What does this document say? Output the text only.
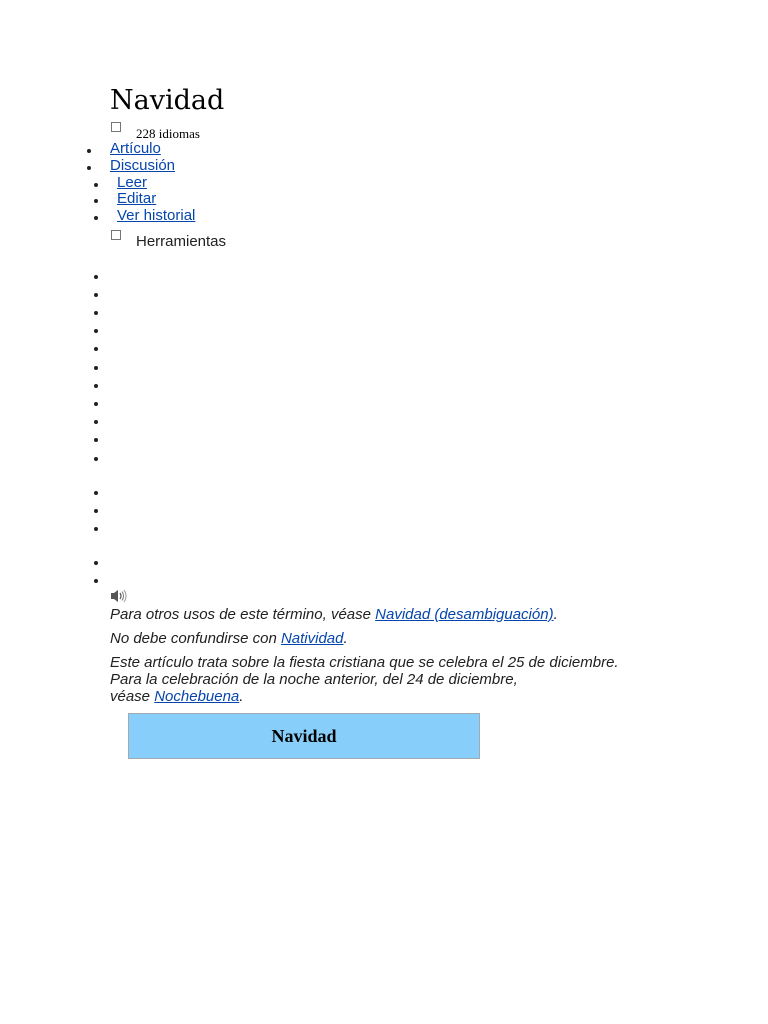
Navidad
228 idiomas
Artículo
Discusión
Leer
Editar
Ver historial
Herramientas
Para otros usos de este término, véase Navidad (desambiguación).
No debe confundirse con Natividad.
Este artículo trata sobre la fiesta cristiana que se celebra el 25 de diciembre.
Para la celebración de la noche anterior, del 24 de diciembre,
véase Nochebuena.
Navidad
